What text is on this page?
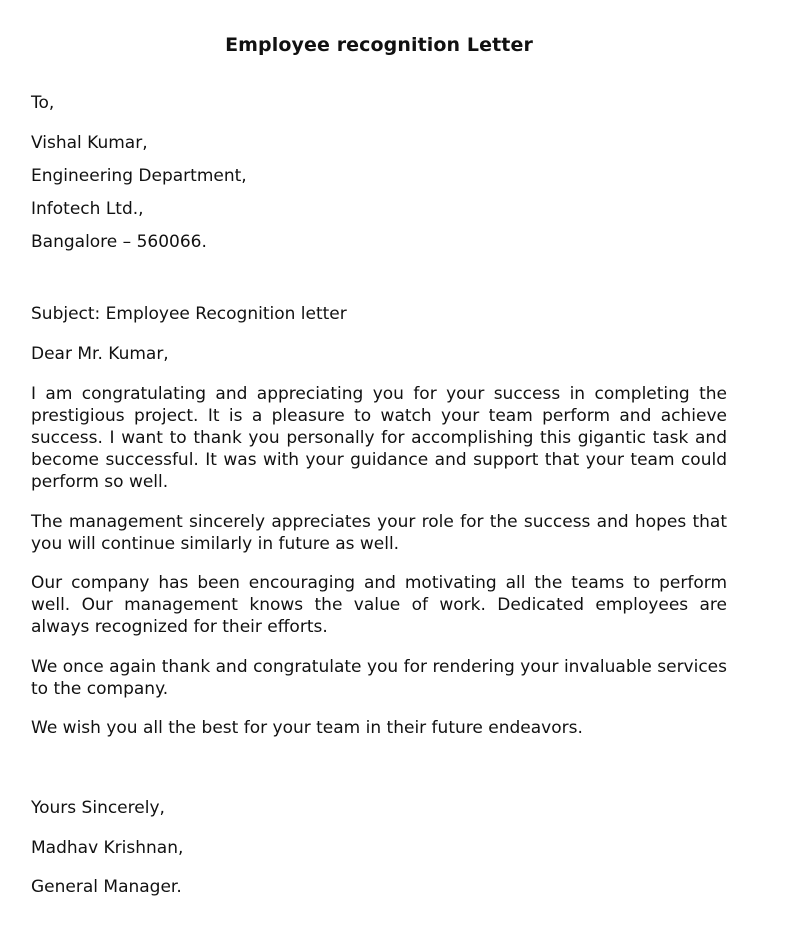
Employee recognition Letter
To,
Vishal Kumar,
Engineering Department,
Infotech Ltd.,
Bangalore – 560066.
Subject: Employee Recognition letter
Dear Mr. Kumar,
I am congratulating and appreciating you for your success in completing the prestigious project. It is a pleasure to watch your team perform and achieve success. I want to thank you personally for accomplishing this gigantic task and become successful. It was with your guidance and support that your team could perform so well.
The management sincerely appreciates your role for the success and hopes that you will continue similarly in future as well.
Our company has been encouraging and motivating all the teams to perform well. Our management knows the value of work. Dedicated employees are always recognized for their efforts.
We once again thank and congratulate you for rendering your invaluable services to the company.
We wish you all the best for your team in their future endeavors.
Yours Sincerely,
Madhav Krishnan,
General Manager.
